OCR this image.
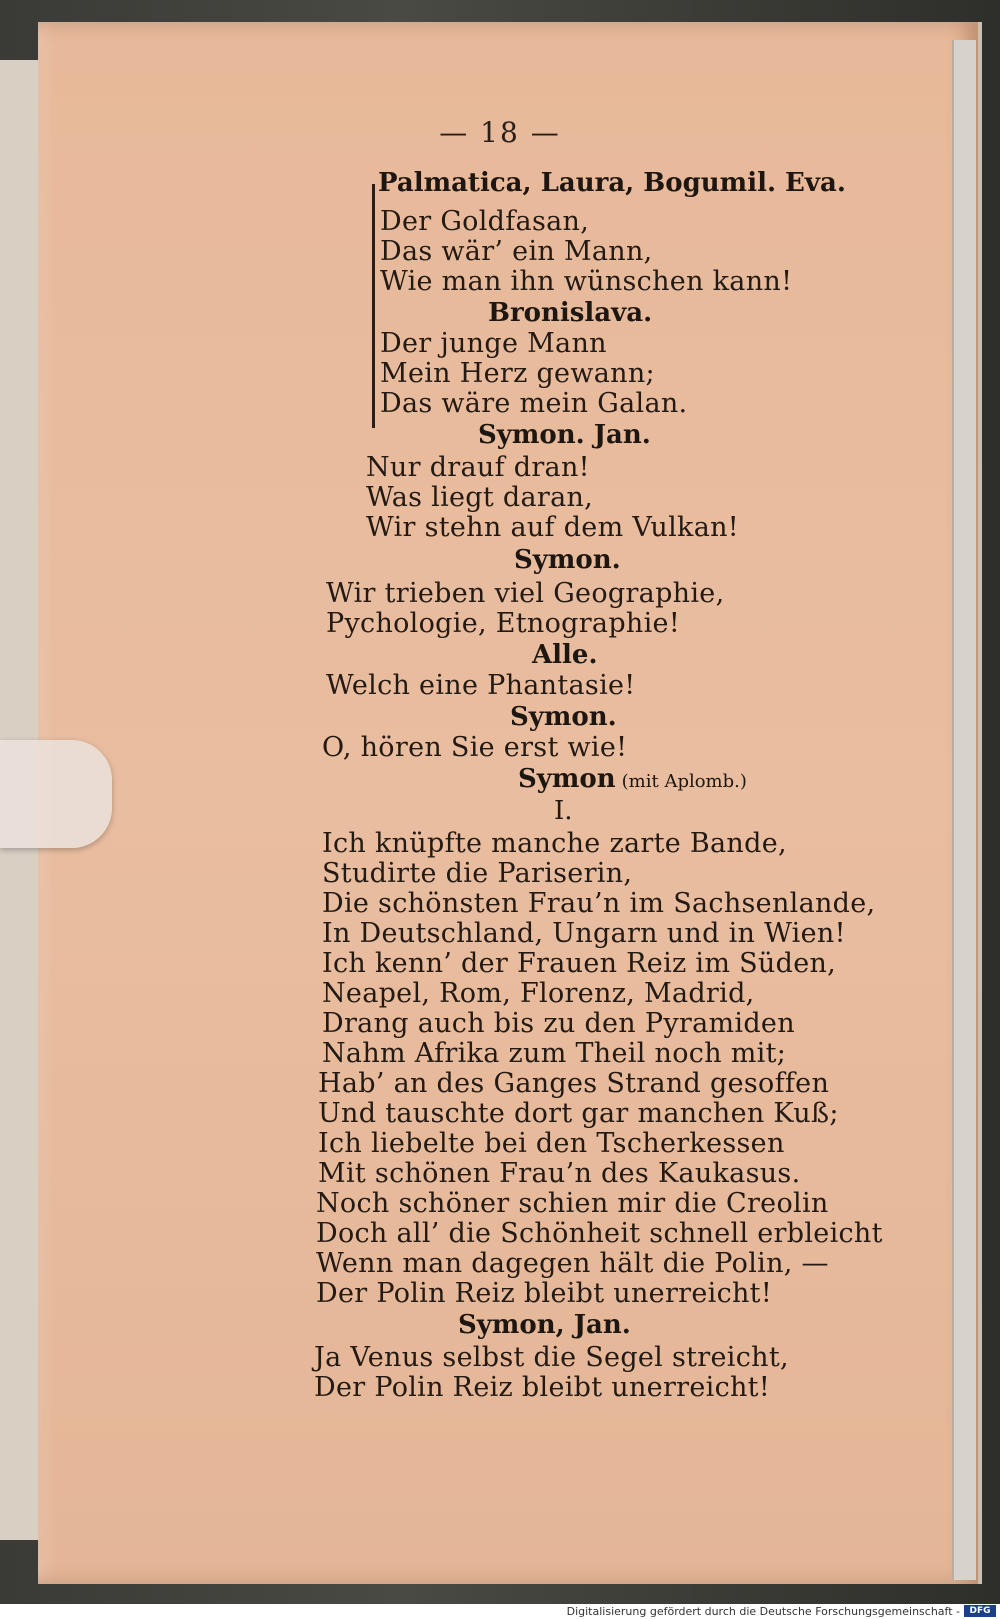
— 18 —
Palmatica, Laura, Bogumil. Eva.
Der Goldfasan,
Das wär’ ein Mann,
Wie man ihn wünschen kann!
Bronislava.
Der junge Mann
Mein Herz gewann;
Das wäre mein Galan.
Symon. Jan.
Nur drauf dran!
Was liegt daran,
Wir stehn auf dem Vulkan!
Symon.
Wir trieben viel Geographie,
Pychologie, Etnographie!
Alle.
Welch eine Phantasie!
Symon.
O, hören Sie erst wie!
Symon (mit Aplomb.)
I.
Ich knüpfte manche zarte Bande,
Studirte die Pariserin,
Die schönsten Frau’n im Sachsenlande,
In Deutschland, Ungarn und in Wien!
Ich kenn’ der Frauen Reiz im Süden,
Neapel, Rom, Florenz, Madrid,
Drang auch bis zu den Pyramiden
Nahm Afrika zum Theil noch mit;
Hab’ an des Ganges Strand gesoffen
Und tauschte dort gar manchen Kuß;
Ich liebelte bei den Tscherkessen
Mit schönen Frau’n des Kaukasus.
Noch schöner schien mir die Creolin
Doch all’ die Schönheit schnell erbleicht
Wenn man dagegen hält die Polin, —
Der Polin Reiz bleibt unerreicht!
Symon, Jan.
Ja Venus selbst die Segel streicht,
Der Polin Reiz bleibt unerreicht!
Digitalisierung gefördert durch die Deutsche Forschungsgemeinschaft -	DFG
